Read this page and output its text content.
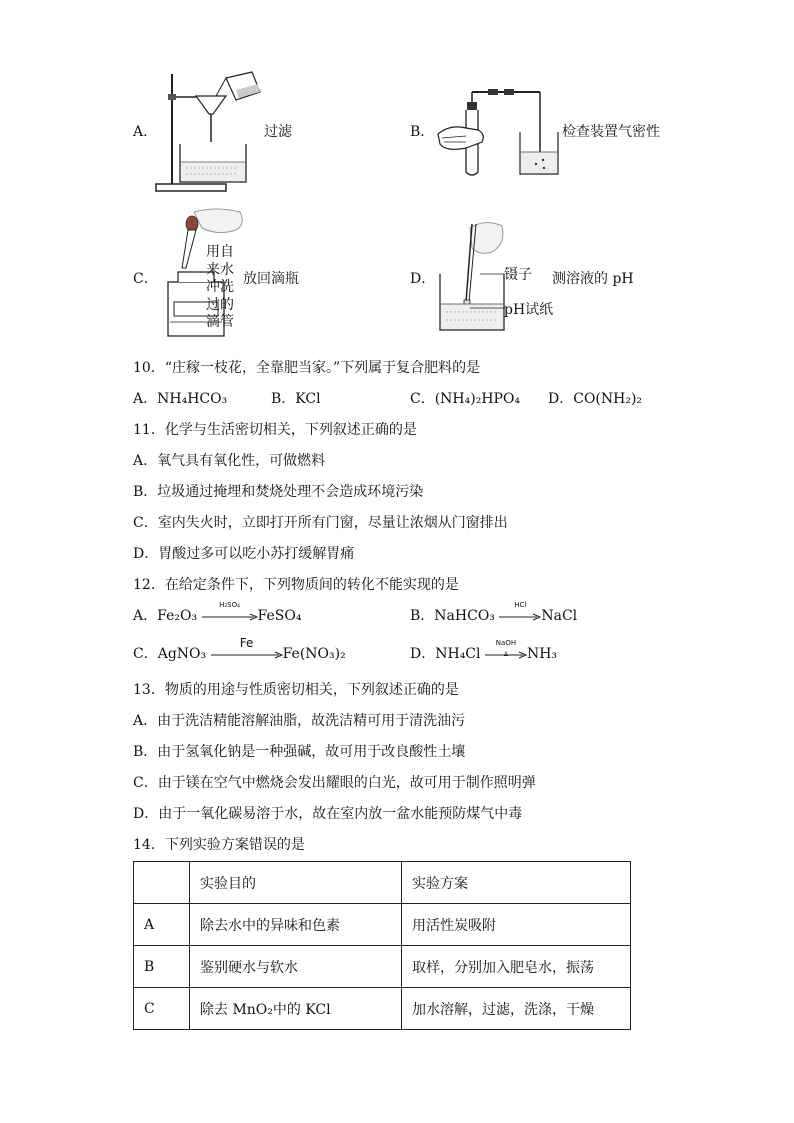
A．	过滤	B．	检查装置气密性
C．
用自来水冲洗过的滴管
放回滴瓶	D．	镊子
pH试纸
测溶液的 pH
10．“庄稼一枝花，全靠肥当家。”下列属于复合肥料的是
A．NH₄HCO₃	B．KCl	C．(NH₄)₂HPO₄ D．CO(NH₂)₂
11．化学与生活密切相关，下列叙述正确的是
A．氧气具有氧化性，可做燃料
B．垃圾通过掩埋和焚烧处理不会造成环境污染
C．室内失火时，立即打开所有门窗，尽量让浓烟从门窗排出
D．胃酸过多可以吃小苏打缓解胃痛
12．在给定条件下，下列物质间的转化不能实现的是
A．Fe₂O₃
H₂SO₄
FeSO₄	B．NaHCO₃
HCl
NaCl
C．AgNO₃
Fe
Fe(NO₃)₂	D．NH₄Cl
NaOH
Δ	NH₃
13．物质的用途与性质密切相关，下列叙述正确的是
A．由于洗洁精能溶解油脂，故洗洁精可用于清洗油污
B．由于氢氧化钠是一种强碱，故可用于改良酸性土壤
C．由于镁在空气中燃烧会发出耀眼的白光，故可用于制作照明弹
D．由于一氧化碳易溶于水，故在室内放一盆水能预防煤气中毒
14．下列实验方案错误的是
	实验目的	实验方案
A	除去水中的异味和色素	用活性炭吸附
B	鉴别硬水与软水	取样，分别加入肥皂水，振荡
C	除去 MnO₂中的 KCl	加水溶解，过滤，洗涤，干燥
